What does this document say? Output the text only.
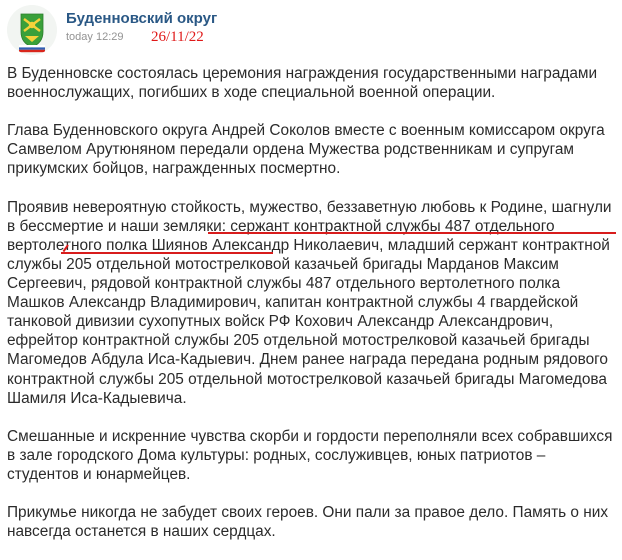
Буденновский округ
today 12:29 26/11/22

В Буденновске состоялась церемония награждения государственными наградами военнослужащих, погибших в ходе специальной военной операции.

Глава Буденновского округа Андрей Соколов вместе с военным комиссаром округа Самвелом Арутюняном передали ордена Мужества родственникам и супругам прикумских бойцов, награжденных посмертно.

Проявив невероятную стойкость, мужество, беззаветную любовь к Родине, шагнули в бессмертие и наши земляки: сержант контрактной службы 487 отдельного вертолетного полка Шиянов Александр Николаевич, младший сержант контрактной службы 205 отдельной мотострелковой казачьей бригады Марданов Максим Сергеевич, рядовой контрактной службы 487 отдельного вертолетного полка Машков Александр Владимирович, капитан контрактной службы 4 гвардейской танковой дивизии сухопутных войск РФ Кохович Александр Александрович, ефрейтор контрактной службы 205 отдельной мотострелковой казачьей бригады Магомедов Абдула Иса-Кадыевич. Днем ранее награда передана родным рядового контрактной службы 205 отдельной мотострелковой казачьей бригады Магомедова Шамиля Иса-Кадыевича.

Смешанные и искренние чувства скорби и гордости переполняли всех собравшихся в зале городского Дома культуры: родных, сослуживцев, юных патриотов – студентов и юнармейцев.

Прикумье никогда не забудет своих героев. Они пали за правое дело. Память о них навсегда останется в наших сердцах.
